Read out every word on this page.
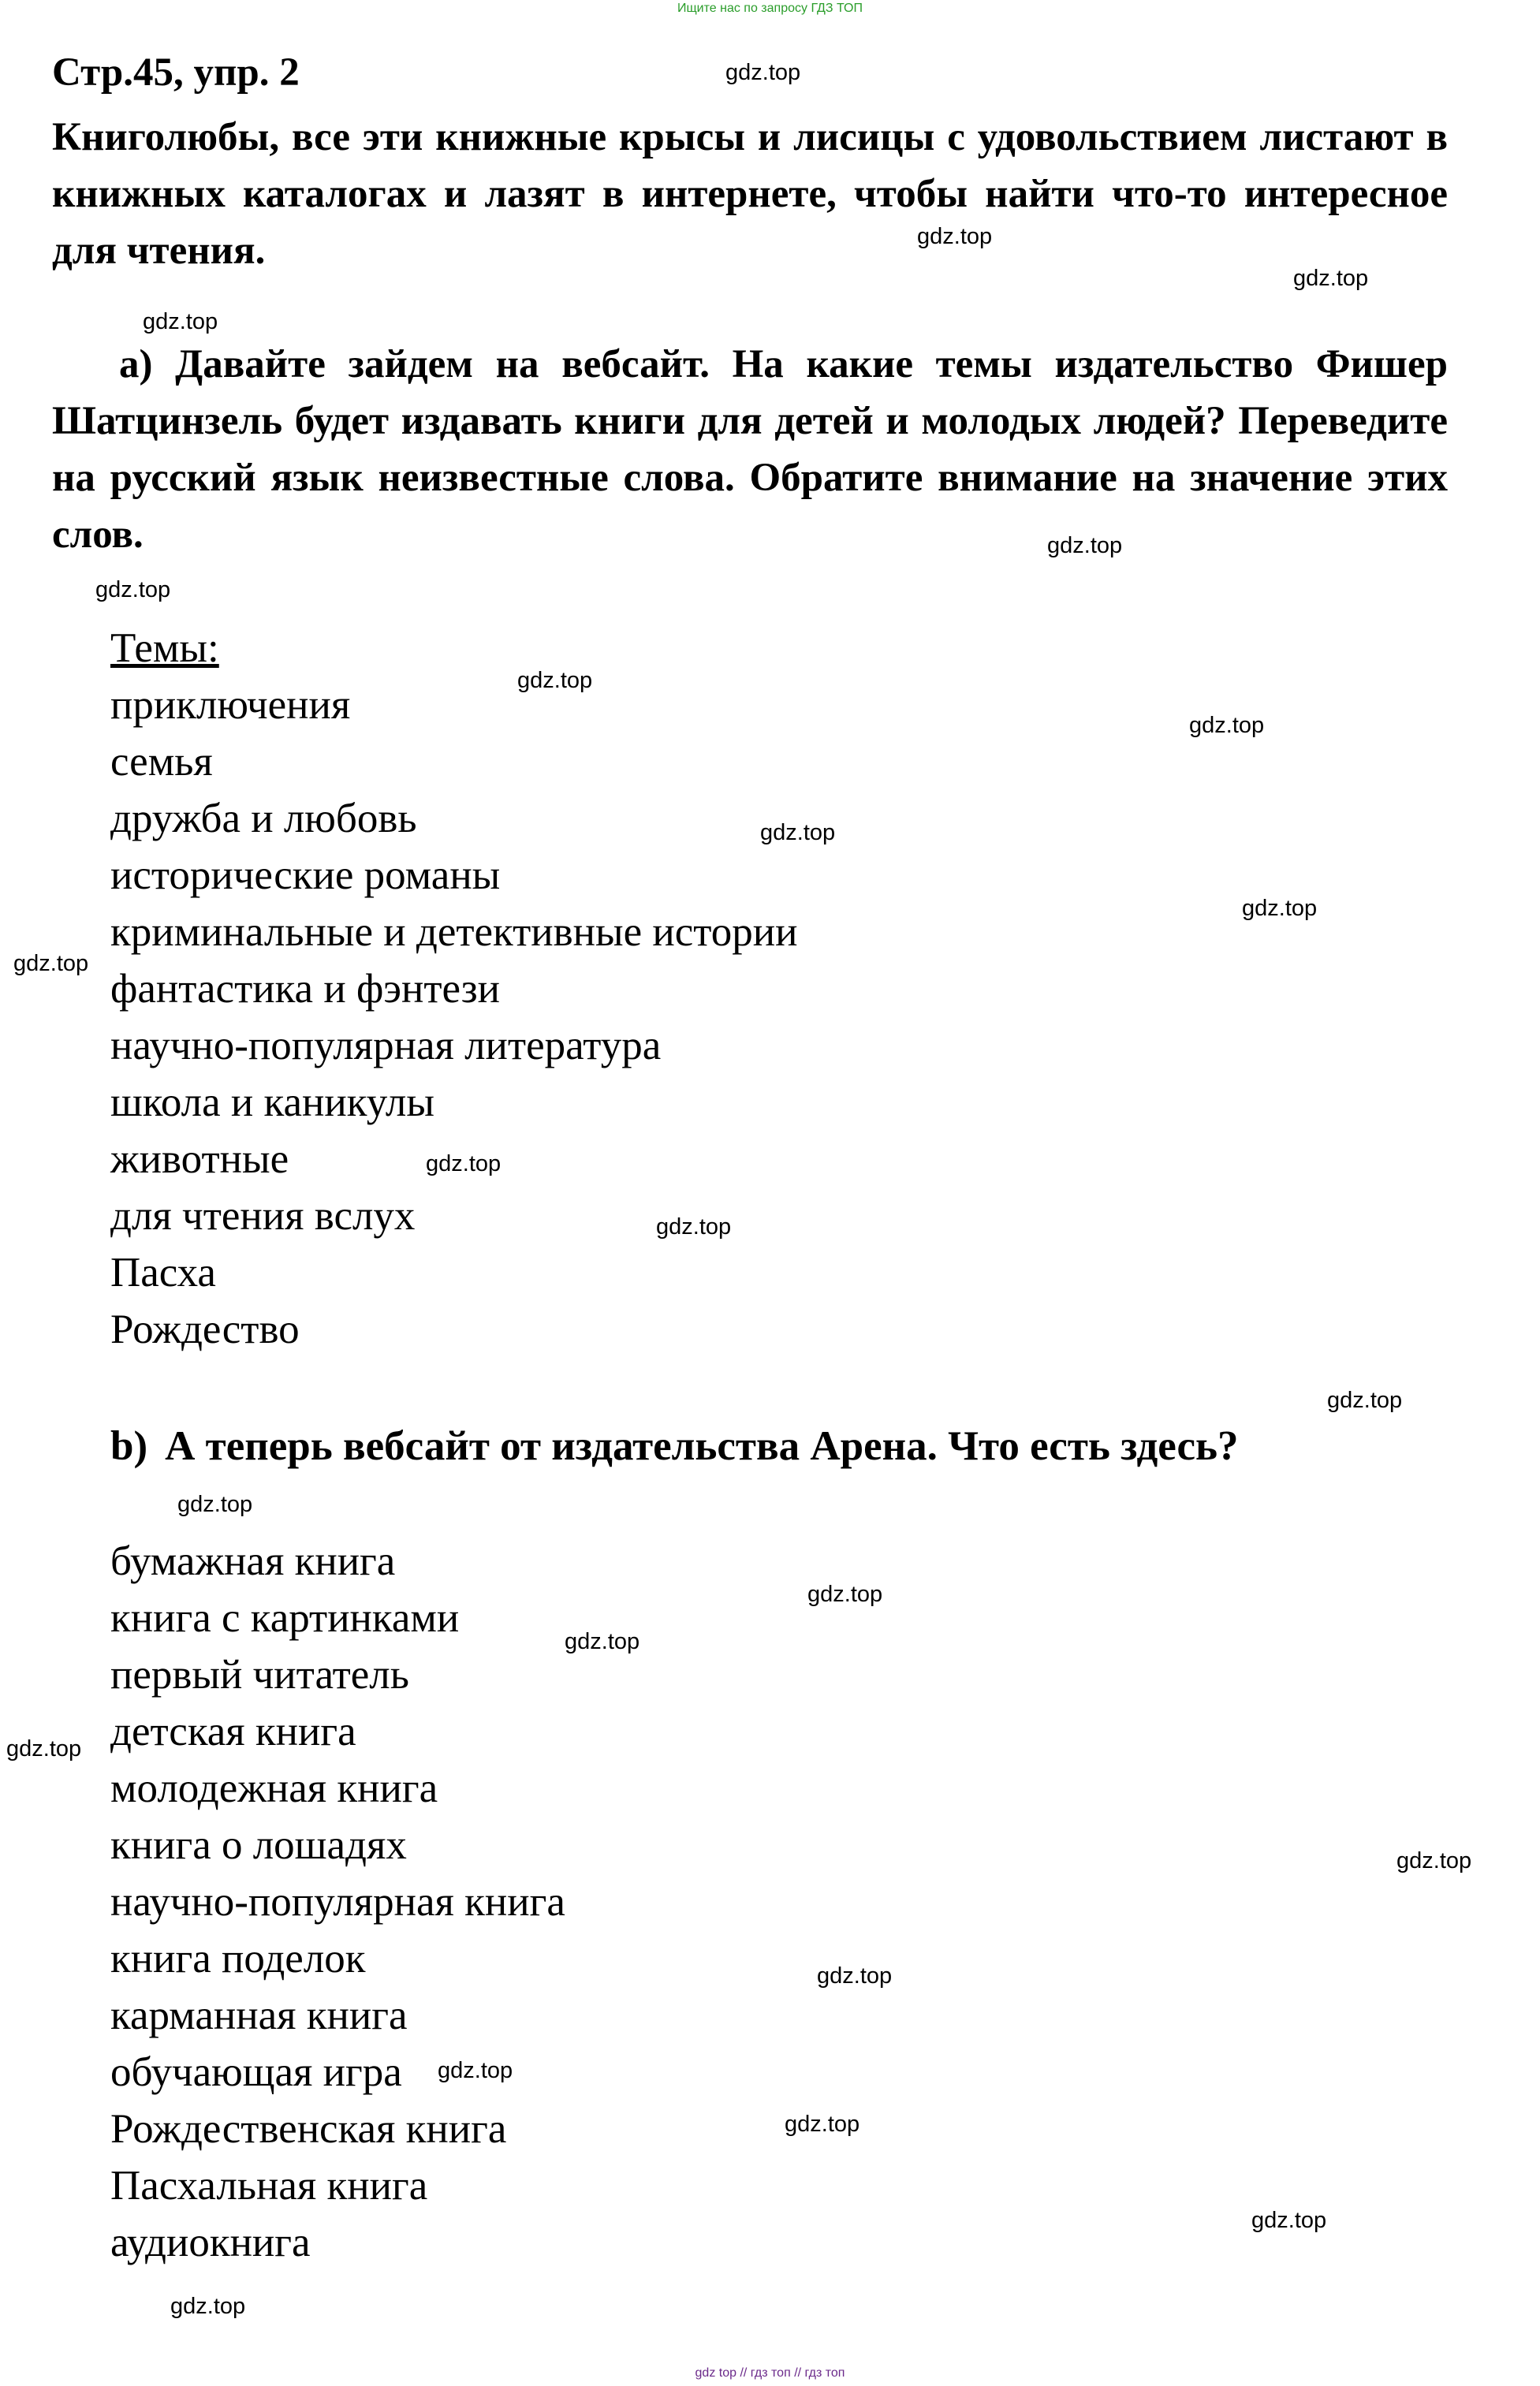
Ищите нас по запросу ГДЗ ТОП
Стр.45, упр. 2
Книголюбы, все эти книжные крысы и лисицы с удовольствием листают в книжных каталогах и лазят в интернете, чтобы найти что-то интересное для чтения.
а) Давайте зайдем на вебсайт. На какие темы издательство Фишер Шатцинзель будет издавать книги для детей и молодых людей? Переведите на русский язык неизвестные слова. Обратите внимание на значение этих слов.
Темы:
приключения
семья
дружба и любовь
исторические романы
криминальные и детективные истории
фантастика и фэнтези
научно-популярная литература
школа и каникулы
животные
для чтения вслух
Пасха
Рождество
b) А теперь вебсайт от издательства Арена. Что есть здесь?
бумажная книга
книга с картинками
первый читатель
детская книга
молодежная книга
книга о лошадях
научно-популярная книга
книга поделок
карманная книга
обучающая игра
Рождественская книга
Пасхальная книга
аудиокнига
gdz.top
gdz.top
gdz.top
gdz.top
gdz.top
gdz.top
gdz.top
gdz.top
gdz.top
gdz.top
gdz.top
gdz.top
gdz.top
gdz.top
gdz.top
gdz.top
gdz.top
gdz.top
gdz.top
gdz.top
gdz.top
gdz.top
gdz.top
gdz.top
gdz top // гдз топ // гдз топ
